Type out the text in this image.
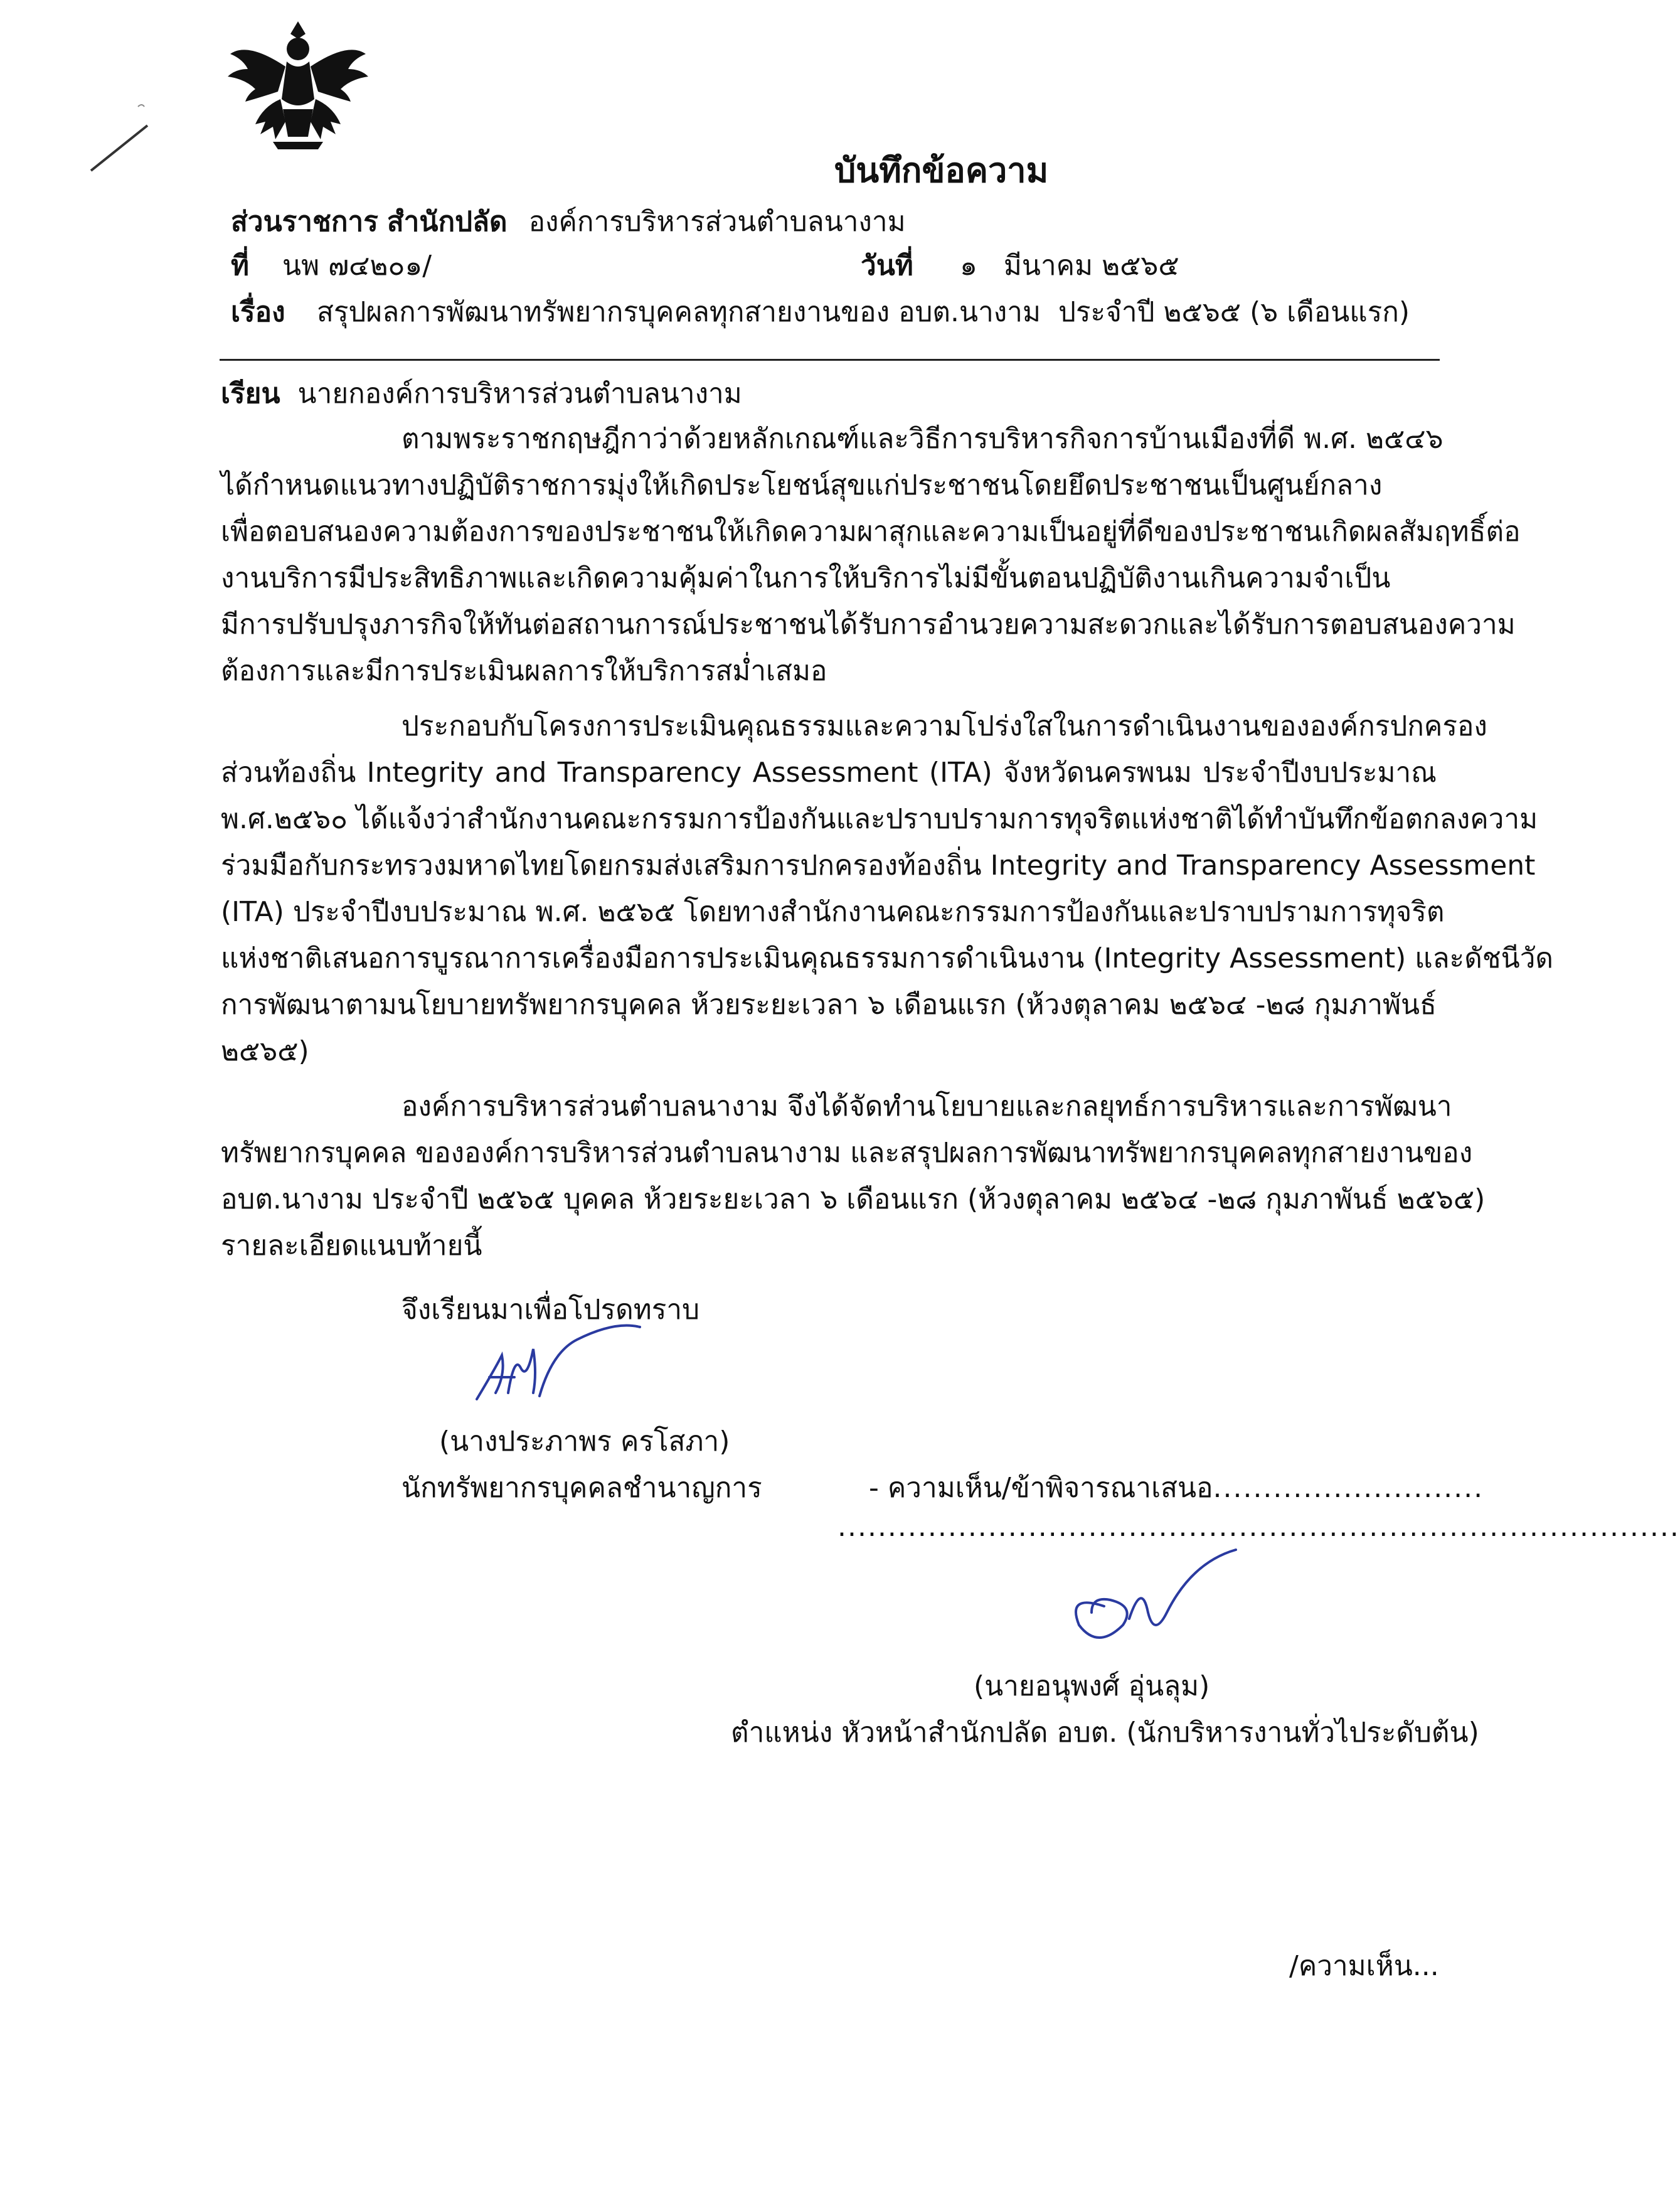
บันทึกข้อความ
ส่วนราชการ สำนักปลัด องค์การบริหารส่วนตำบลนางาม
ที่ นพ ๗๔๒๐๑/	วันที่ ๑   มีนาคม ๒๕๖๕
เรื่อง สรุปผลการพัฒนาทรัพยากรบุคคลทุกสายงานของ อบต.นางาม  ประจำปี ๒๕๖๕ (๖ เดือนแรก)
เรียน นายกองค์การบริหารส่วนตำบลนางาม
ตามพระราชกฤษฎีกาว่าด้วยหลักเกณฑ์และวิธีการบริหารกิจการบ้านเมืองที่ดี พ.ศ. ๒๕๔๖
ได้กำหนดแนวทางปฏิบัติราชการมุ่งให้เกิดประโยชน์สุขแก่ประชาชนโดยยึดประชาชนเป็นศูนย์กลาง
เพื่อตอบสนองความต้องการของประชาชนให้เกิดความผาสุกและความเป็นอยู่ที่ดีของประชาชนเกิดผลสัมฤทธิ์ต่อ
งานบริการมีประสิทธิภาพและเกิดความคุ้มค่าในการให้บริการไม่มีขั้นตอนปฏิบัติงานเกินความจำเป็น
มีการปรับปรุงภารกิจให้ทันต่อสถานการณ์ประชาชนได้รับการอำนวยความสะดวกและได้รับการตอบสนองความ
ต้องการและมีการประเมินผลการให้บริการสม่ำเสมอ
ประกอบกับโครงการประเมินคุณธรรมและความโปร่งใสในการดำเนินงานขององค์กรปกครอง
ส่วนท้องถิ่น Integrity and Transparency Assessment (ITA) จังหวัดนครพนม ประจำปีงบประมาณ
พ.ศ.๒๕๖๐ ได้แจ้งว่าสำนักงานคณะกรรมการป้องกันและปราบปรามการทุจริตแห่งชาติได้ทำบันทึกข้อตกลงความ
ร่วมมือกับกระทรวงมหาดไทยโดยกรมส่งเสริมการปกครองท้องถิ่น Integrity and Transparency Assessment
(ITA) ประจำปีงบประมาณ พ.ศ. ๒๕๖๕ โดยทางสำนักงานคณะกรรมการป้องกันและปราบปรามการทุจริต
แห่งชาติเสนอการบูรณาการเครื่องมือการประเมินคุณธรรมการดำเนินงาน (Integrity Assessment) และดัชนีวัด
การพัฒนาตามนโยบายทรัพยากรบุคคล ห้วยระยะเวลา ๖ เดือนแรก (ห้วงตุลาคม ๒๕๖๔ -๒๘ กุมภาพันธ์
๒๕๖๕)
องค์การบริหารส่วนตำบลนางาม จึงได้จัดทำนโยบายและกลยุทธ์การบริหารและการพัฒนา
ทรัพยากรบุคคล ขององค์การบริหารส่วนตำบลนางาม และสรุปผลการพัฒนาทรัพยากรบุคคลทุกสายงานของ
อบต.นางาม ประจำปี ๒๕๖๕ บุคคล ห้วยระยะเวลา ๖ เดือนแรก (ห้วงตุลาคม ๒๕๖๔ -๒๘ กุมภาพันธ์ ๒๕๖๕)
รายละเอียดแนบท้ายนี้
จึงเรียนมาเพื่อโปรดทราบ
(นางประภาพร ครโสภา)
นักทรัพยากรบุคคลชำนาญการ	- ความเห็น/ข้าพิจารณาเสนอ...........................
....................................................................................
(นายอนุพงศ์ อุ่นลุม)
ตำแหน่ง หัวหน้าสำนักปลัด อบต. (นักบริหารงานทั่วไประดับต้น)
/ความเห็น...
